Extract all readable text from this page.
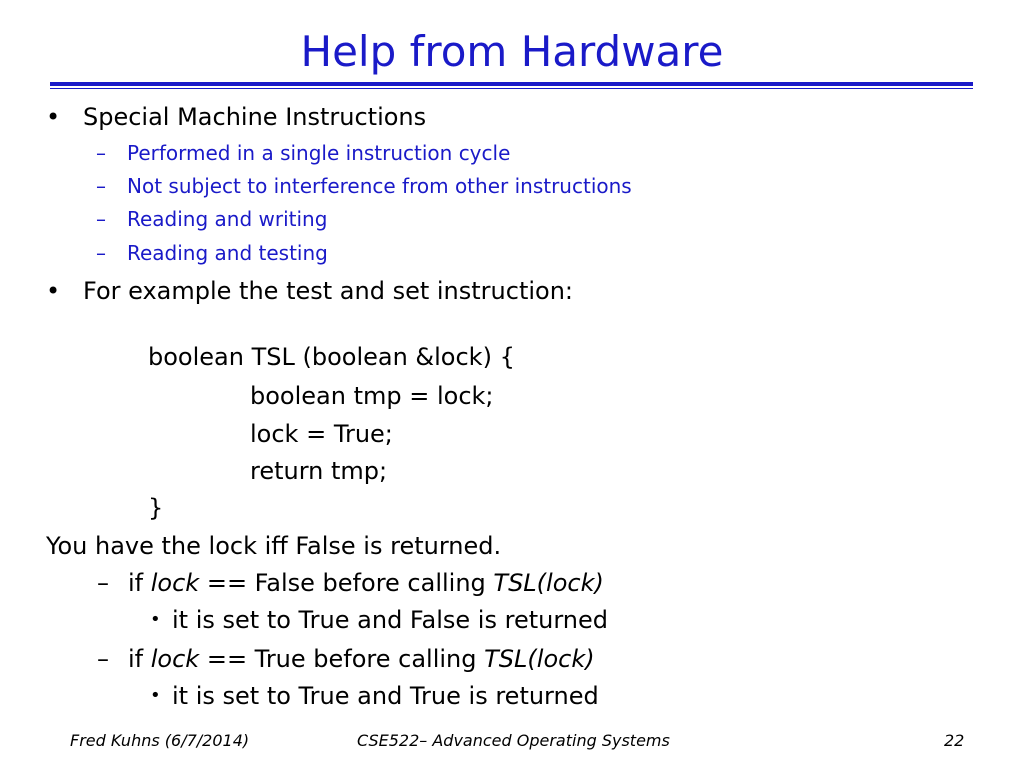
Help from Hardware
• Special Machine Instructions
– Performed in a single instruction cycle
– Not subject to interference from other instructions
– Reading and writing
– Reading and testing
• For example the test and set instruction:
boolean TSL (boolean &lock) {
boolean tmp = lock;
lock = True;
return tmp;
}
You have the lock iff False is returned.
– if lock == False before calling TSL(lock)
• it is set to True and False is returned
– if lock == True before calling TSL(lock)
• it is set to True and True is returned
Fred Kuhns (6/7/2014)	CSE522– Advanced Operating Systems	22
